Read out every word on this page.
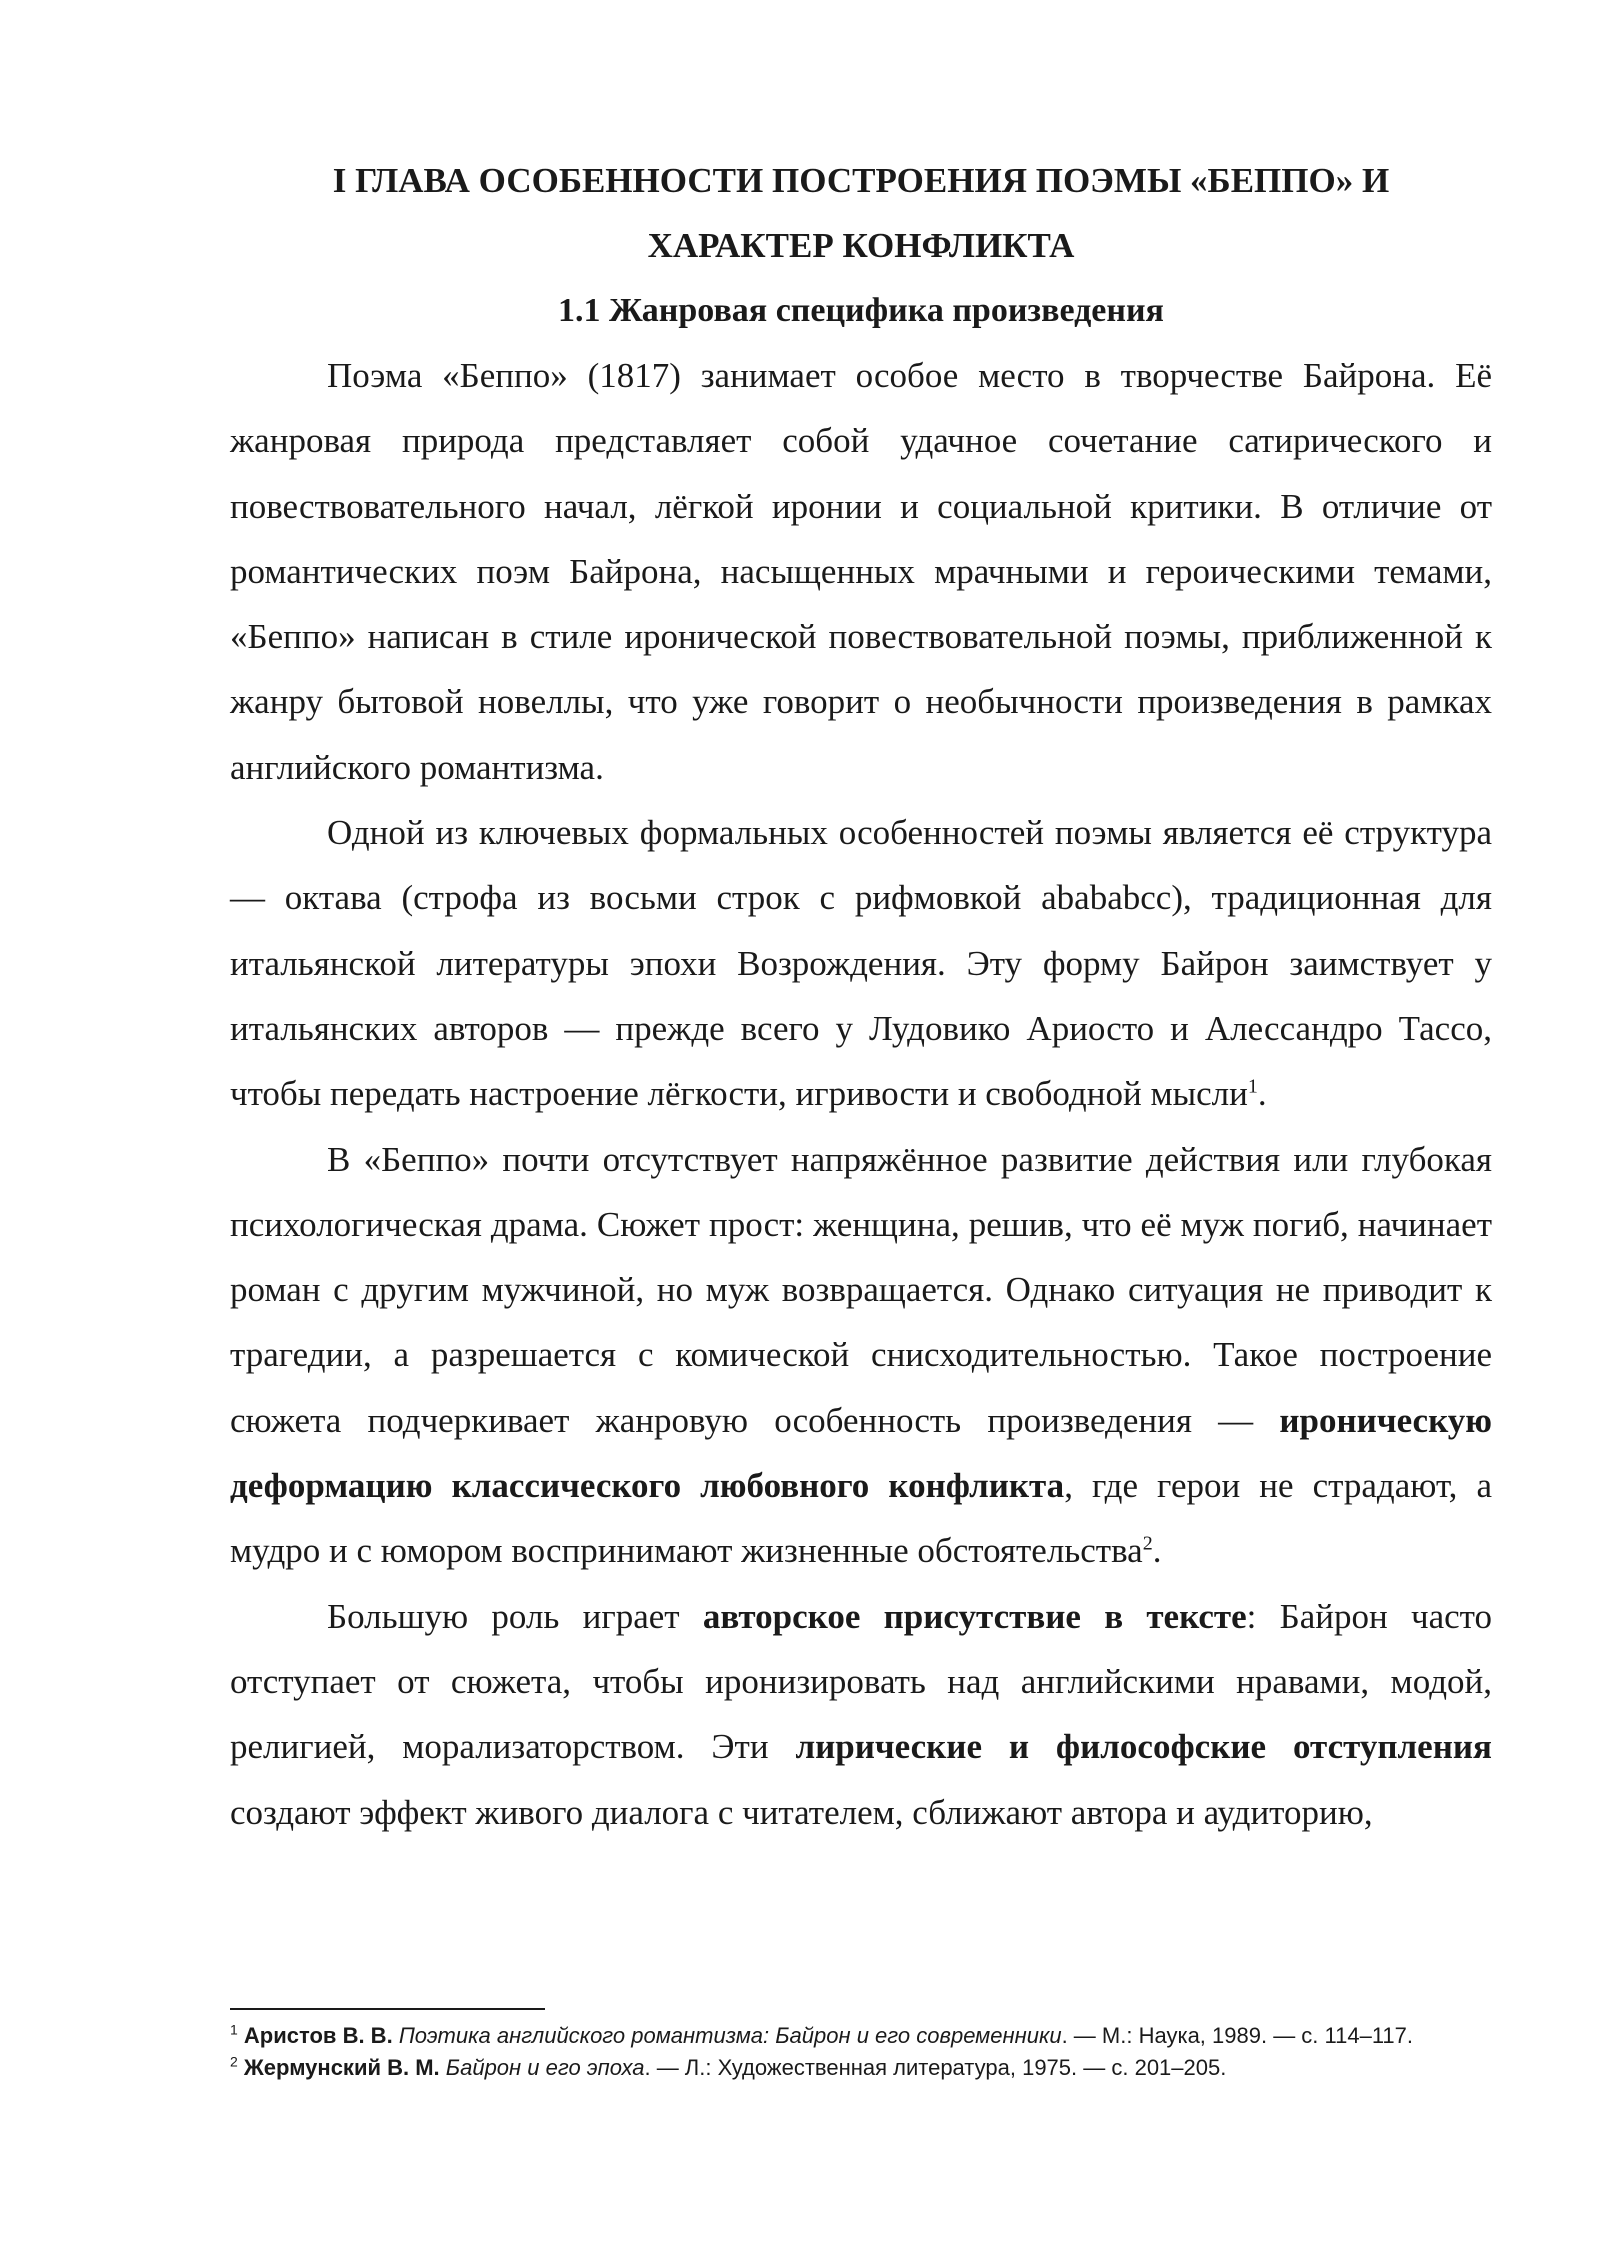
I ГЛАВА ОСОБЕННОСТИ ПОСТРОЕНИЯ ПОЭМЫ «БЕППО» И
ХАРАКТЕР КОНФЛИКТА
1.1 Жанровая специфика произведения

Поэма «Беппо» (1817) занимает особое место в творчестве Байрона. Её жанровая природа представляет собой удачное сочетание сатирического и повествовательного начал, лёгкой иронии и социальной критики. В отличие от романтических поэм Байрона, насыщенных мрачными и героическими темами, «Беппо» написан в стиле иронической повествовательной поэмы, приближенной к жанру бытовой новеллы, что уже говорит о необычности произведения в рамках английского романтизма.

Одной из ключевых формальных особенностей поэмы является её структура — октава (строфа из восьми строк с рифмовкой abababcc), традиционная для итальянской литературы эпохи Возрождения. Эту форму Байрон заимствует у итальянских авторов — прежде всего у Лудовико Ариосто и Алессандро Тассо, чтобы передать настроение лёгкости, игривости и свободной мысли$^1$.

В «Беппо» почти отсутствует напряжённое развитие действия или глубокая психологическая драма. Сюжет прост: женщина, решив, что её муж погиб, начинает роман с другим мужчиной, но муж возвращается. Однако ситуация не приводит к трагедии, а разрешается с комической снисходительностью. Такое построение сюжета подчеркивает жанровую особенность произведения — ироническую деформацию классического любовного конфликта, где герои не страдают, а мудро и с юмором воспринимают жизненные обстоятельства$^2$.

Большую роль играет авторское присутствие в тексте: Байрон часто отступает от сюжета, чтобы иронизировать над английскими нравами, модой, религией, морализаторством. Эти лирические и философские отступления создают эффект живого диалога с читателем, сближают автора и аудиторию,

$^1$ Аристов В. В. Поэтика английского романтизма: Байрон и его современники. — М.: Наука, 1989. — с. 114–117.

$^2$ Жермунский В. М. Байрон и его эпоха. — Л.: Художественная литература, 1975. — с. 201–205.
